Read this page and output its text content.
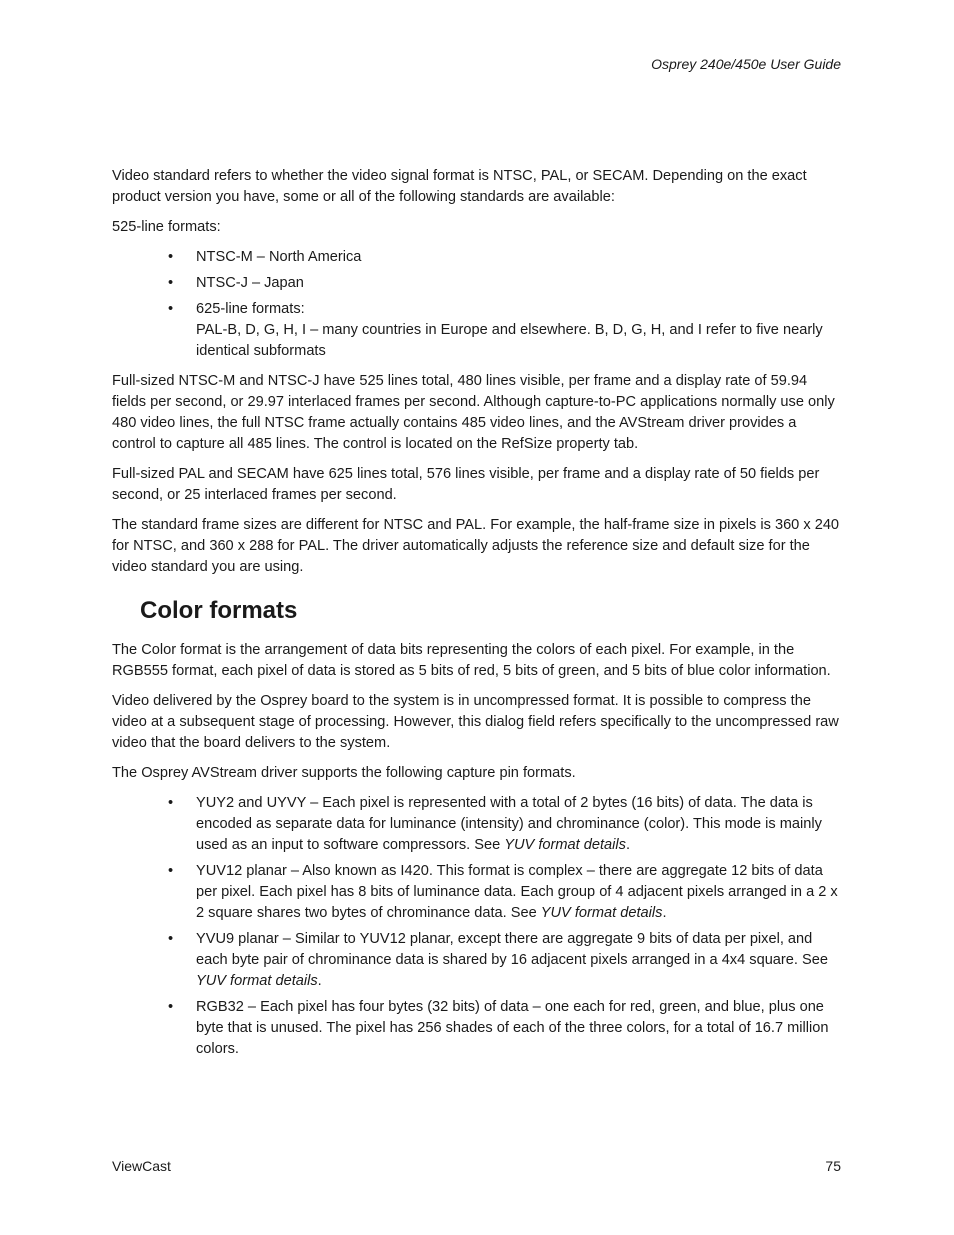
Osprey 240e/450e User Guide

Video standard refers to whether the video signal format is NTSC, PAL, or SECAM. Depending on the exact product version you have, some or all of the following standards are available:

525-line formats:

• NTSC-M – North America
• NTSC-J – Japan
• 625-line formats:
PAL-B, D, G, H, I – many countries in Europe and elsewhere. B, D, G, H, and I refer to five nearly identical subformats

Full-sized NTSC-M and NTSC-J have 525 lines total, 480 lines visible, per frame and a display rate of 59.94 fields per second, or 29.97 interlaced frames per second. Although capture-to-PC applications normally use only 480 video lines, the full NTSC frame actually contains 485 video lines, and the AVStream driver provides a control to capture all 485 lines. The control is located on the RefSize property tab.

Full-sized PAL and SECAM have 625 lines total, 576 lines visible, per frame and a display rate of 50 fields per second, or 25 interlaced frames per second.

The standard frame sizes are different for NTSC and PAL. For example, the half-frame size in pixels is 360 x 240 for NTSC, and 360 x 288 for PAL. The driver automatically adjusts the reference size and default size for the video standard you are using.

Color formats

The Color format is the arrangement of data bits representing the colors of each pixel. For example, in the RGB555 format, each pixel of data is stored as 5 bits of red, 5 bits of green, and 5 bits of blue color information.

Video delivered by the Osprey board to the system is in uncompressed format. It is possible to compress the video at a subsequent stage of processing. However, this dialog field refers specifically to the uncompressed raw video that the board delivers to the system.

The Osprey AVStream driver supports the following capture pin formats.

• YUY2 and UYVY – Each pixel is represented with a total of 2 bytes (16 bits) of data. The data is encoded as separate data for luminance (intensity) and chrominance (color). This mode is mainly used as an input to software compressors. See YUV format details.
• YUV12 planar – Also known as I420. This format is complex – there are aggregate 12 bits of data per pixel. Each pixel has 8 bits of luminance data. Each group of 4 adjacent pixels arranged in a 2 x 2 square shares two bytes of chrominance data. See YUV format details.
• YVU9 planar – Similar to YUV12 planar, except there are aggregate 9 bits of data per pixel, and each byte pair of chrominance data is shared by 16 adjacent pixels arranged in a 4x4 square. See YUV format details.
• RGB32 – Each pixel has four bytes (32 bits) of data – one each for red, green, and blue, plus one byte that is unused. The pixel has 256 shades of each of the three colors, for a total of 16.7 million colors.
ViewCast	75
